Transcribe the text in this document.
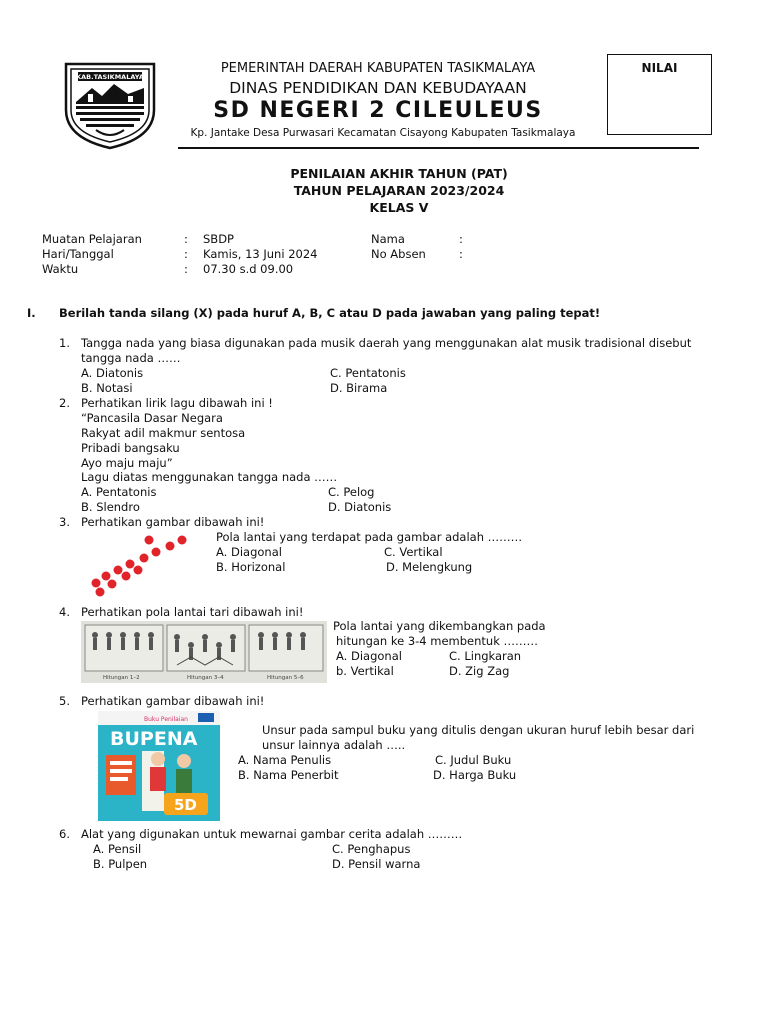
KAB.TASIKMALAYA
PEMERINTAH DAERAH KABUPATEN TASIKMALAYA
DINAS PENDIDIKAN DAN KEBUDAYAAN
SD NEGERI 2 CILEULEUS
Kp. Jantake Desa Purwasari Kecamatan Cisayong Kabupaten Tasikmalaya
NILAI
PENILAIAN AKHIR TAHUN (PAT)
TAHUN PELAJARAN 2023/2024
KELAS V
Muatan Pelajaran	: SBDP
Hari/Tanggal	: Kamis, 13 Juni 2024
Waktu	: 07.30 s.d 09.00
Nama	:
No Absen	:
I. Berilah tanda silang (X) pada huruf A, B, C atau D pada jawaban yang paling tepat!
1. Tangga nada yang biasa digunakan pada musik daerah yang menggunakan alat musik tradisional disebut
tangga nada ……
A. Diatonis
B. Notasi
C. Pentatonis
D. Birama
2. Perhatikan lirik lagu dibawah ini !
“Pancasila Dasar Negara
Rakyat adil makmur sentosa
Pribadi bangsaku
Ayo maju maju”
Lagu diatas menggunakan tangga nada ……
A. Pentatonis
B. Slendro
C. Pelog
D. Diatonis
3. Perhatikan gambar dibawah ini!
Pola lantai yang terdapat pada gambar adalah ………
A. Diagonal
B. Horizonal
C. Vertikal
D. Melengkung
4. Perhatikan pola lantai tari dibawah ini!
Hitungan 1–2	Hitungan 3–4	Hitungan 5–6
Pola lantai yang dikembangkan pada
hitungan ke 3-4 membentuk ………
A. Diagonal
b. Vertikal
C. Lingkaran
D. Zig Zag
5. Perhatikan gambar dibawah ini!
Buku Penilaian
BUPENA
5D
Unsur pada sampul buku yang ditulis dengan ukuran huruf lebih besar dari
unsur lainnya adalah …..
A. Nama Penulis
B. Nama Penerbit
C. Judul Buku
D. Harga Buku
6. Alat yang digunakan untuk mewarnai gambar cerita adalah ………
A. Pensil
B. Pulpen
C. Penghapus
D. Pensil warna
